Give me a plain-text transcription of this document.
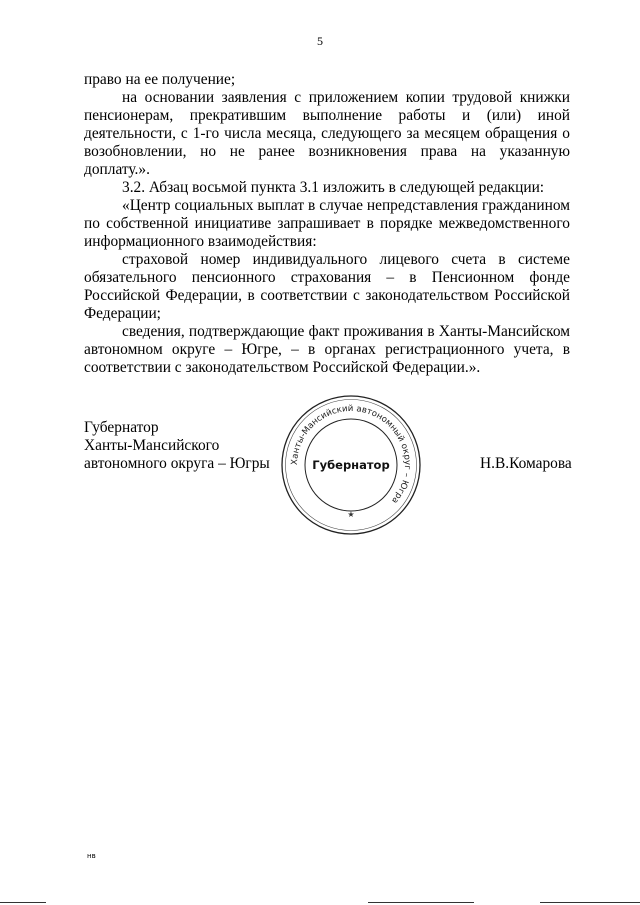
5

право на ее получение;

на основании заявления с приложением копии трудовой книжки пенсионерам, прекратившим выполнение работы и (или) иной деятельности, с 1-го числа месяца, следующего за месяцем обращения о возобновлении, но не ранее возникновения права на указанную доплату.».

3.2. Абзац восьмой пункта 3.1 изложить в следующей редакции:

«Центр социальных выплат в случае непредставления гражданином по собственной инициативе запрашивает в порядке межведомственного информационного взаимодействия:

страховой номер индивидуального лицевого счета в системе обязательного пенсионного страхования – в Пенсионном фонде Российской Федерации, в соответствии с законодательством Российской Федерации;

сведения, подтверждающие факт проживания в Ханты-Мансийском автономном округе – Югре, – в органах регистрационного учета, в соответствии с законодательством Российской Федерации.».

Губернатор
Ханты-Мансийского
автономного округа – Югры Ханты-Мансийский автономный округ – Югра
Губернатор
★
Н.В.Комарова
нв
